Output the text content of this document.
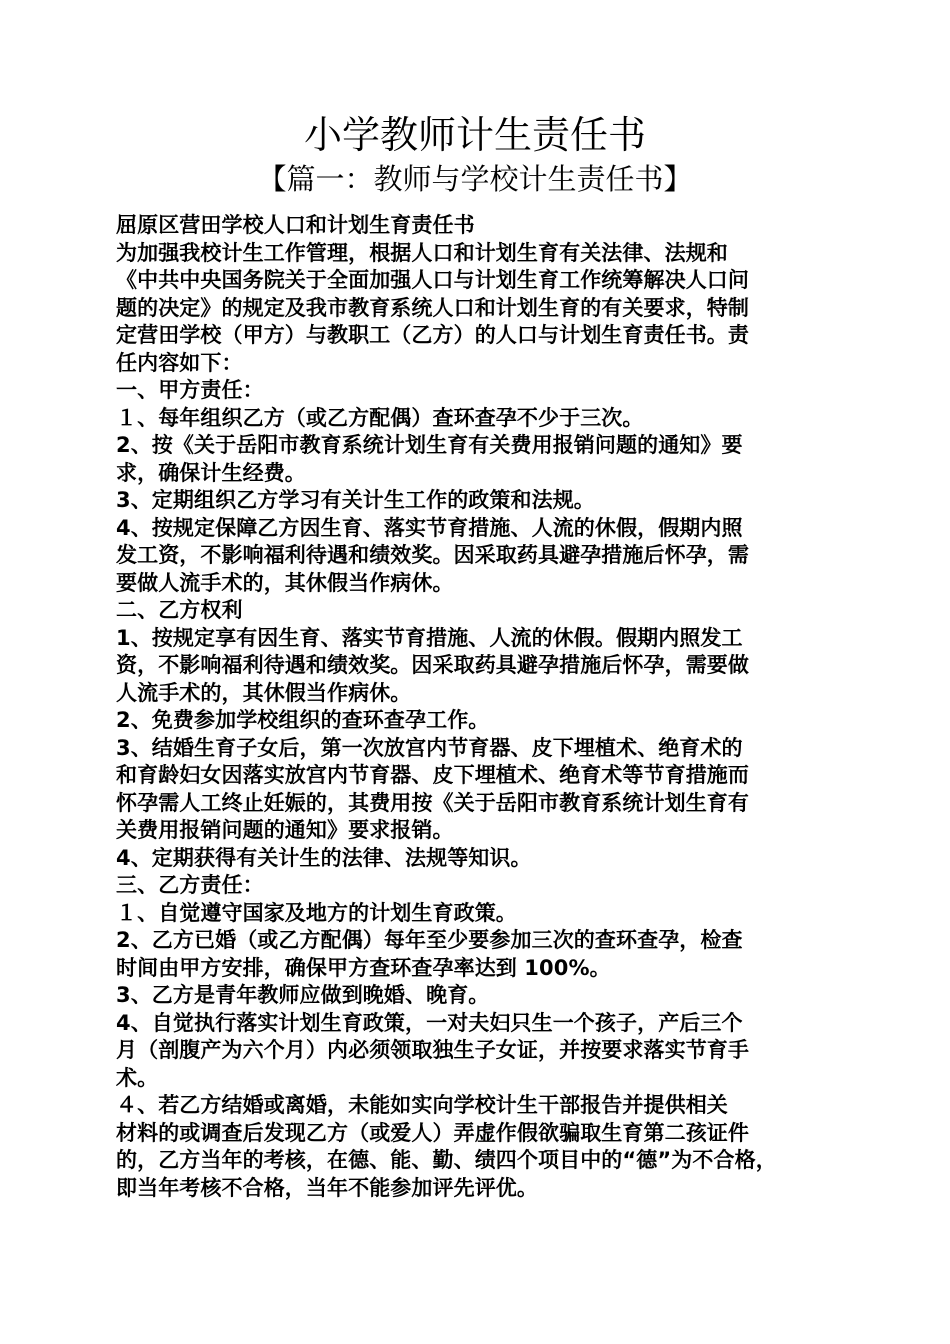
小学教师计生责任书
【篇一：教师与学校计生责任书】
屈原区营田学校人口和计划生育责任书
为加强我校计生工作管理，根据人口和计划生育有关法律、法规和
《中共中央国务院关于全面加强人口与计划生育工作统筹解决人口问
题的决定》的规定及我市教育系统人口和计划生育的有关要求，特制
定营田学校（甲方）与教职工（乙方）的人口与计划生育责任书。责
任内容如下：
一、甲方责任：
１、每年组织乙方（或乙方配偶）查环查孕不少于三次。
2、按《关于岳阳市教育系统计划生育有关费用报销问题的通知》要
求，确保计生经费。
3、定期组织乙方学习有关计生工作的政策和法规。
4、按规定保障乙方因生育、落实节育措施、人流的休假，假期内照
发工资，不影响福利待遇和绩效奖。因采取药具避孕措施后怀孕，需
要做人流手术的，其休假当作病休。
二、乙方权利
1、按规定享有因生育、落实节育措施、人流的休假。假期内照发工
资，不影响福利待遇和绩效奖。因采取药具避孕措施后怀孕，需要做
人流手术的，其休假当作病休。
2、免费参加学校组织的查环查孕工作。
3、结婚生育子女后，第一次放宫内节育器、皮下埋植术、绝育术的
和育龄妇女因落实放宫内节育器、皮下埋植术、绝育术等节育措施而
怀孕需人工终止妊娠的，其费用按《关于岳阳市教育系统计划生育有
关费用报销问题的通知》要求报销。
4、定期获得有关计生的法律、法规等知识。
三、乙方责任：
１、自觉遵守国家及地方的计划生育政策。
2、乙方已婚（或乙方配偶）每年至少要参加三次的查环查孕，检查
时间由甲方安排，确保甲方查环查孕率达到 100%。
3、乙方是青年教师应做到晚婚、晚育。
4、自觉执行落实计划生育政策，一对夫妇只生一个孩子，产后三个
月（剖腹产为六个月）内必须领取独生子女证，并按要求落实节育手
术。
４、若乙方结婚或离婚，未能如实向学校计生干部报告并提供相关
材料的或调查后发现乙方（或爱人）弄虚作假欲骗取生育第二孩证件
的，乙方当年的考核，在德、能、勤、绩四个项目中的“德”为不合格，
即当年考核不合格，当年不能参加评先评优。
